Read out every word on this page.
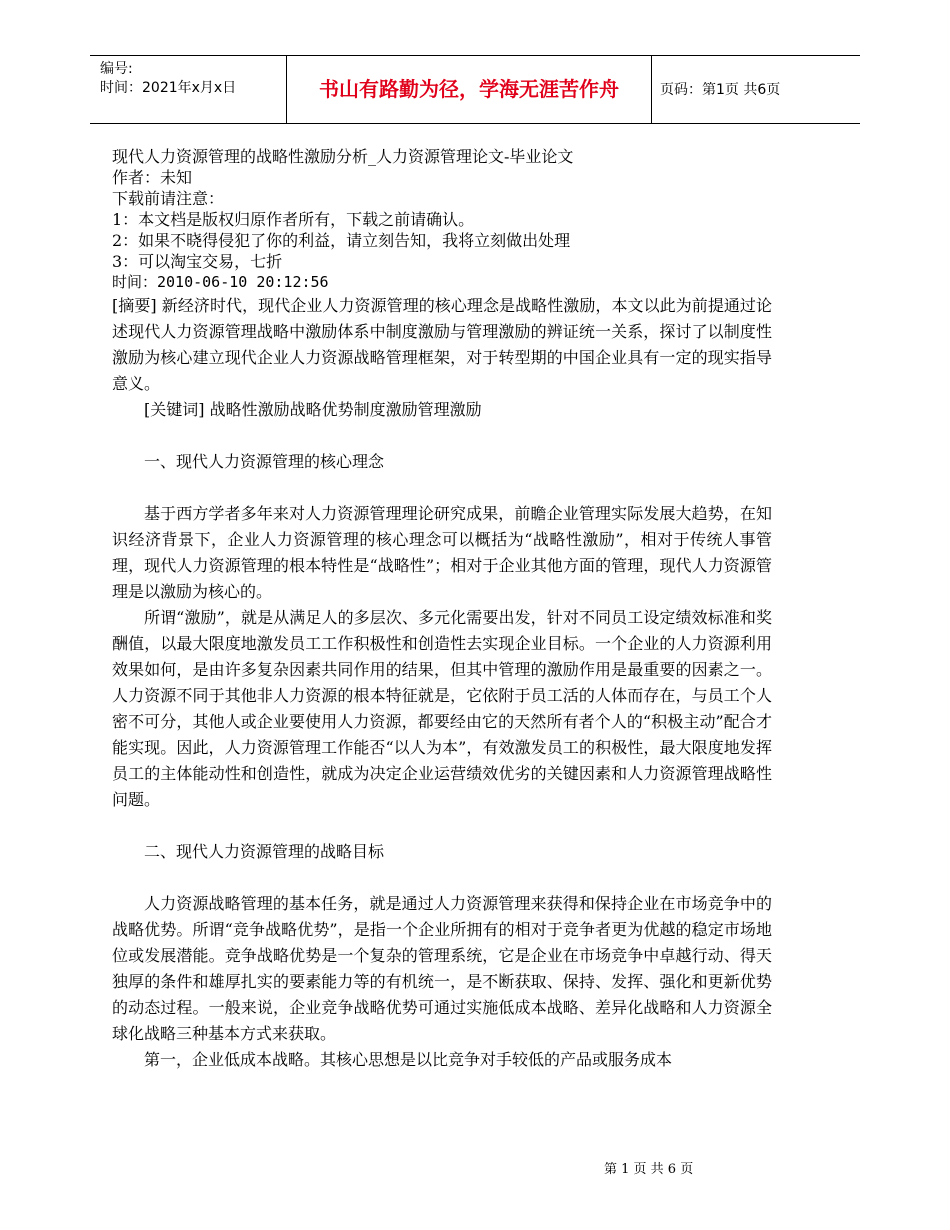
编号:
时间：2021年x月x日	书山有路勤为径，学海无涯苦作舟	页码：第1页 共6页
现代人力资源管理的战略性激励分析_人力资源管理论文-毕业论文
作者：未知
下载前请注意：
1：本文档是版权归原作者所有，下载之前请确认。
2：如果不晓得侵犯了你的利益，请立刻告知，我将立刻做出处理
3：可以淘宝交易，七折
时间：2010-06-10 20:12:56

[摘要] 新经济时代，现代企业人力资源管理的核心理念是战略性激励，本文以此为前提通过论述现代人力资源管理战略中激励体系中制度激励与管理激励的辨证统一关系，探讨了以制度性激励为核心建立现代企业人力资源战略管理框架，对于转型期的中国企业具有一定的现实指导意义。

[关键词] 战略性激励战略优势制度激励管理激励

一、现代人力资源管理的核心理念

基于西方学者多年来对人力资源管理理论研究成果，前瞻企业管理实际发展大趋势，在知识经济背景下，企业人力资源管理的核心理念可以概括为“战略性激励”，相对于传统人事管理，现代人力资源管理的根本特性是“战略性”；相对于企业其他方面的管理，现代人力资源管理是以激励为核心的。

所谓“激励”，就是从满足人的多层次、多元化需要出发，针对不同员工设定绩效标准和奖酬值，以最大限度地激发员工工作积极性和创造性去实现企业目标。一个企业的人力资源利用效果如何，是由许多复杂因素共同作用的结果，但其中管理的激励作用是最重要的因素之一。人力资源不同于其他非人力资源的根本特征就是，它依附于员工活的人体而存在，与员工个人密不可分，其他人或企业要使用人力资源，都要经由它的天然所有者个人的“积极主动”配合才能实现。因此，人力资源管理工作能否“以人为本”，有效激发员工的积极性，最大限度地发挥员工的主体能动性和创造性，就成为决定企业运营绩效优劣的关键因素和人力资源管理战略性问题。

二、现代人力资源管理的战略目标

人力资源战略管理的基本任务，就是通过人力资源管理来获得和保持企业在市场竞争中的战略优势。所谓“竞争战略优势”，是指一个企业所拥有的相对于竞争者更为优越的稳定市场地位或发展潜能。竞争战略优势是一个复杂的管理系统，它是企业在市场竞争中卓越行动、得天独厚的条件和雄厚扎实的要素能力等的有机统一，是不断获取、保持、发挥、强化和更新优势的动态过程。一般来说，企业竞争战略优势可通过实施低成本战略、差异化战略和人力资源全球化战略三种基本方式来获取。

第一，企业低成本战略。其核心思想是以比竞争对手较低的产品或服务成本

第 1 页 共 6 页
